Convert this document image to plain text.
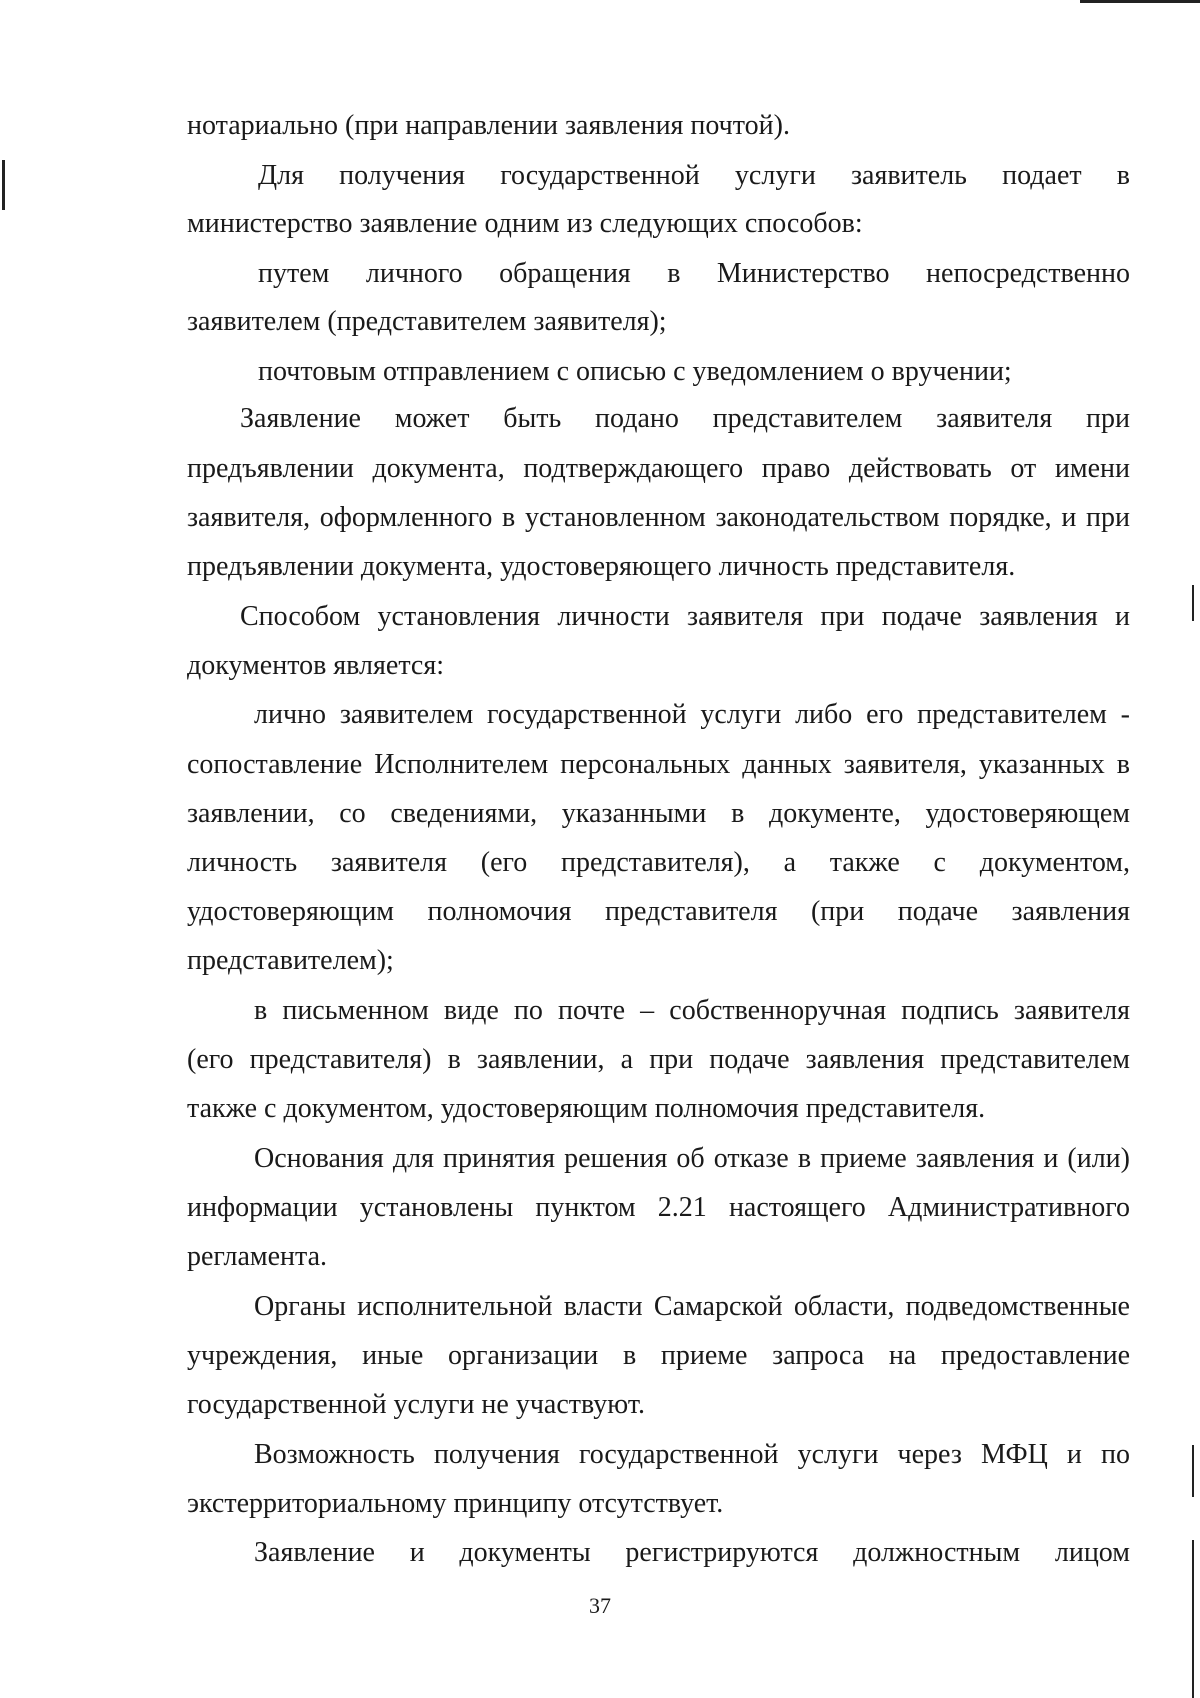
нотариально (при направлении заявления почтой).
Для получения государственной услуги заявитель подает в
министерство заявление одним из следующих способов:
путем личного обращения в Министерство непосредственно
заявителем (представителем заявителя);
почтовым отправлением с описью с уведомлением о вручении;
Заявление может быть подано представителем заявителя при
предъявлении документа, подтверждающего право действовать от имени
заявителя, оформленного в установленном законодательством порядке, и при
предъявлении документа, удостоверяющего личность представителя.
Способом установления личности заявителя при подаче заявления и
документов является:
лично заявителем государственной услуги либо его представителем -
сопоставление Исполнителем персональных данных заявителя, указанных в
заявлении, со сведениями, указанными в документе, удостоверяющем
личность заявителя (его представителя), а также с документом,
удостоверяющим полномочия представителя (при подаче заявления
представителем);
в письменном виде по почте – собственноручная подпись заявителя
(его представителя) в заявлении, а при подаче заявления представителем
также с документом, удостоверяющим полномочия представителя.
Основания для принятия решения об отказе в приеме заявления и (или)
информации установлены пунктом 2.21 настоящего Административного
регламента.
Органы исполнительной власти Самарской области, подведомственные
учреждения, иные организации в приеме запроса на предоставление
государственной услуги не участвуют.
Возможность получения государственной услуги через МФЦ и по
экстерриториальному принципу отсутствует.
Заявление и документы регистрируются должностным лицом
37
